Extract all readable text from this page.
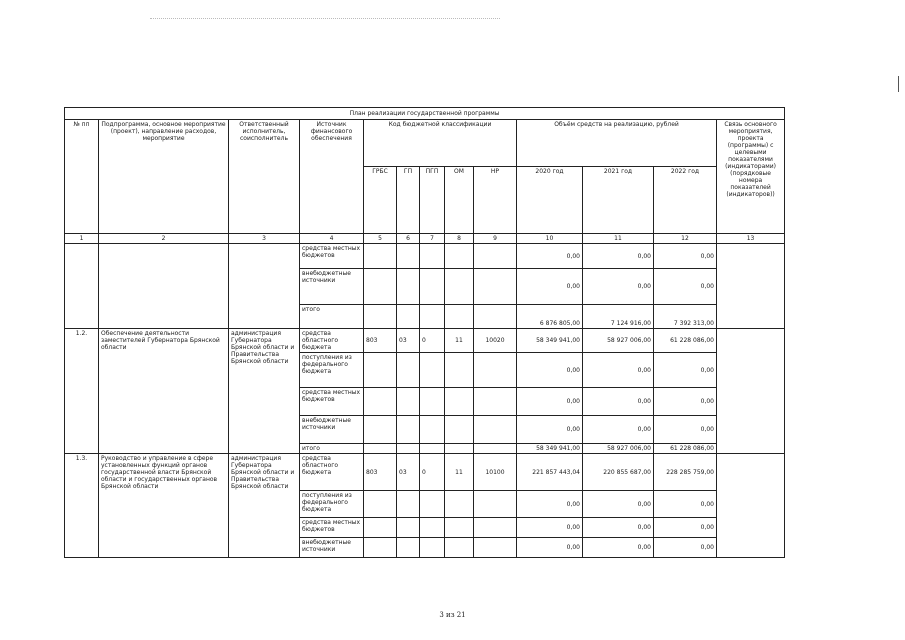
План реализации государственной программы												
№ пп	Подпрограмма, основное мероприятие (проект), направление расходов, мероприятие	Ответственный исполнитель, соисполнитель	Источник финансового обеспечения	Код бюджетной классификации					Объём средств на реализацию, рублей			Связь основного мероприятия, проекта (программы) с целевыми показателями (индикаторами) (порядковые номера показателей (индикаторов))
				ГРБС	ГП	ПГП	ОМ	НР	2020 год	2021 год	2022 год	
1	2	3	4	5	6	7	8	9	10	11	12	13
			средства местных бюджетов						0,00	0,00	0,00	
			внебюджетные источники						0,00	0,00	0,00	
			итого						6 876 805,00	7 124 916,00	7 392 313,00	
1.2.	Обеспечение деятельности заместителей Губернатора Брянской области	администрация Губернатора Брянской области и Правительства Брянской области	средства областного бюджета	803	03	0	11	10020	58 349 941,00	58 927 006,00	61 228 086,00	
			поступления из федерального бюджета						0,00	0,00	0,00	
			средства местных бюджетов						0,00	0,00	0,00	
			внебюджетные источники						0,00	0,00	0,00	
			итого						58 349 941,00	58 927 006,00	61 228 086,00	
1.3.	Руководство и управление в сфере установленных функций органов государственной власти Брянской области и государственных органов Брянской области	администрация Губернатора Брянской области и Правительства Брянской области	средства областного бюджета	803	03	0	11	10100	221 857 443,04	220 855 687,00	228 285 759,00	
			поступления из федерального бюджета						0,00	0,00	0,00	
			средства местных бюджетов						0,00	0,00	0,00	
			внебюджетные источники						0,00	0,00	0,00	
3 из 21
